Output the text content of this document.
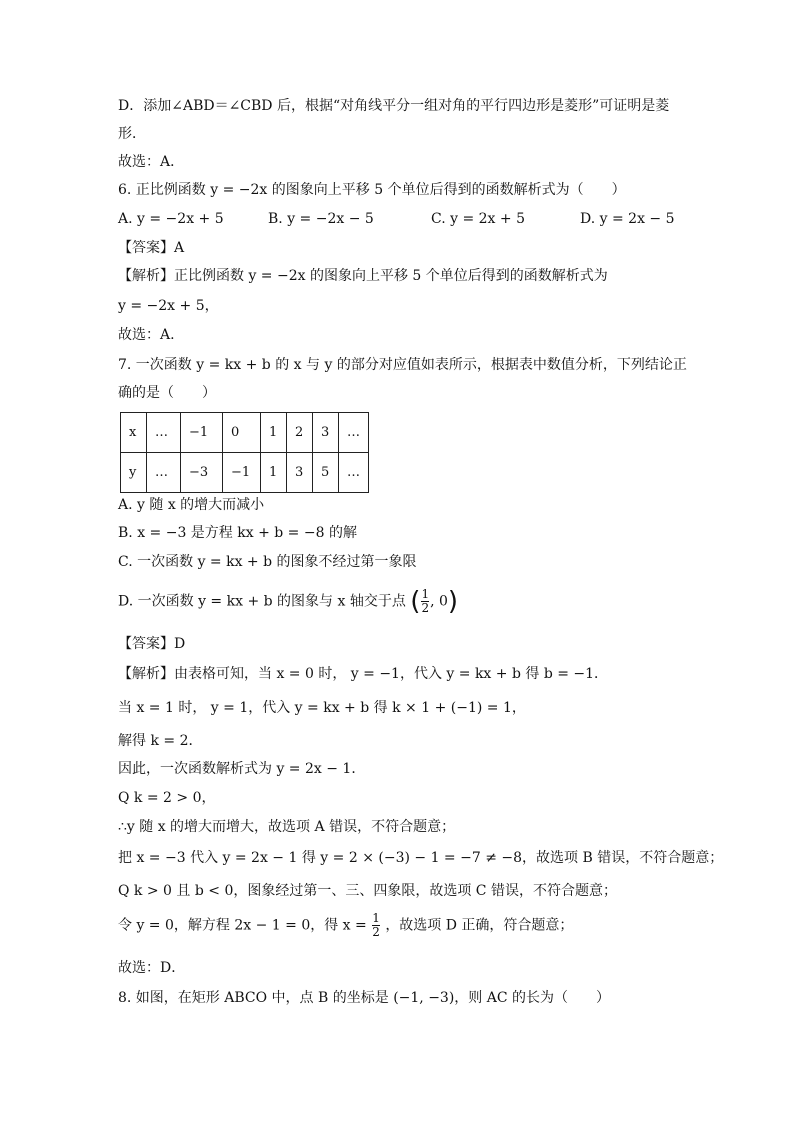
D．添加∠ABD＝∠CBD 后，根据“对角线平分一组对角的平行四边形是菱形”可证明是菱
形．
故选：A．
6. 正比例函数 y = −2x 的图象向上平移 5 个单位后得到的函数解析式为（　　）
A. y = −2x + 5	B. y = −2x − 5	C. y = 2x + 5	D. y = 2x − 5
【答案】A
【解析】正比例函数 y = −2x 的图象向上平移 5 个单位后得到的函数解析式为
y = −2x + 5，
故选：A.
7. 一次函数 y = kx + b 的 x 与 y 的部分对应值如表所示，根据表中数值分析，下列结论正
确的是（　　）
x	…	−1	0	1	2	3	…
y	…	−3	−1	1	3	5	…
A. y 随 x 的增大而减小
B. x = −3 是方程 kx + b = −8 的解
C. 一次函数 y = kx + b 的图象不经过第一象限
D. 一次函数 y = kx + b 的图象与 x 轴交于点 ( $\frac{1}{2}$ , 0)
【答案】D
【解析】由表格可知，当 x = 0 时， y = −1，代入 y = kx + b 得 b = −1．
当 x = 1 时， y = 1，代入 y = kx + b 得 k × 1 + (−1) = 1，
解得 k = 2．
因此，一次函数解析式为 y = 2x − 1．
Q k = 2 > 0，
∴y 随 x 的增大而增大，故选项 A 错误，不符合题意；
把 x = −3 代入 y = 2x − 1 得 y = 2 × (−3) − 1 = −7 ≠ −8，故选项 B 错误，不符合题意；
Q k > 0 且 b < 0，图象经过第一、三、四象限，故选项 C 错误，不符合题意；
令 y = 0，解方程 2x − 1 = 0，得 $x = \frac{1}{2}$ ，故选项 D 正确，符合题意；
故选：D．
8. 如图，在矩形 ABCO 中，点 B 的坐标是 (−1, −3)，则 AC 的长为（　　）
